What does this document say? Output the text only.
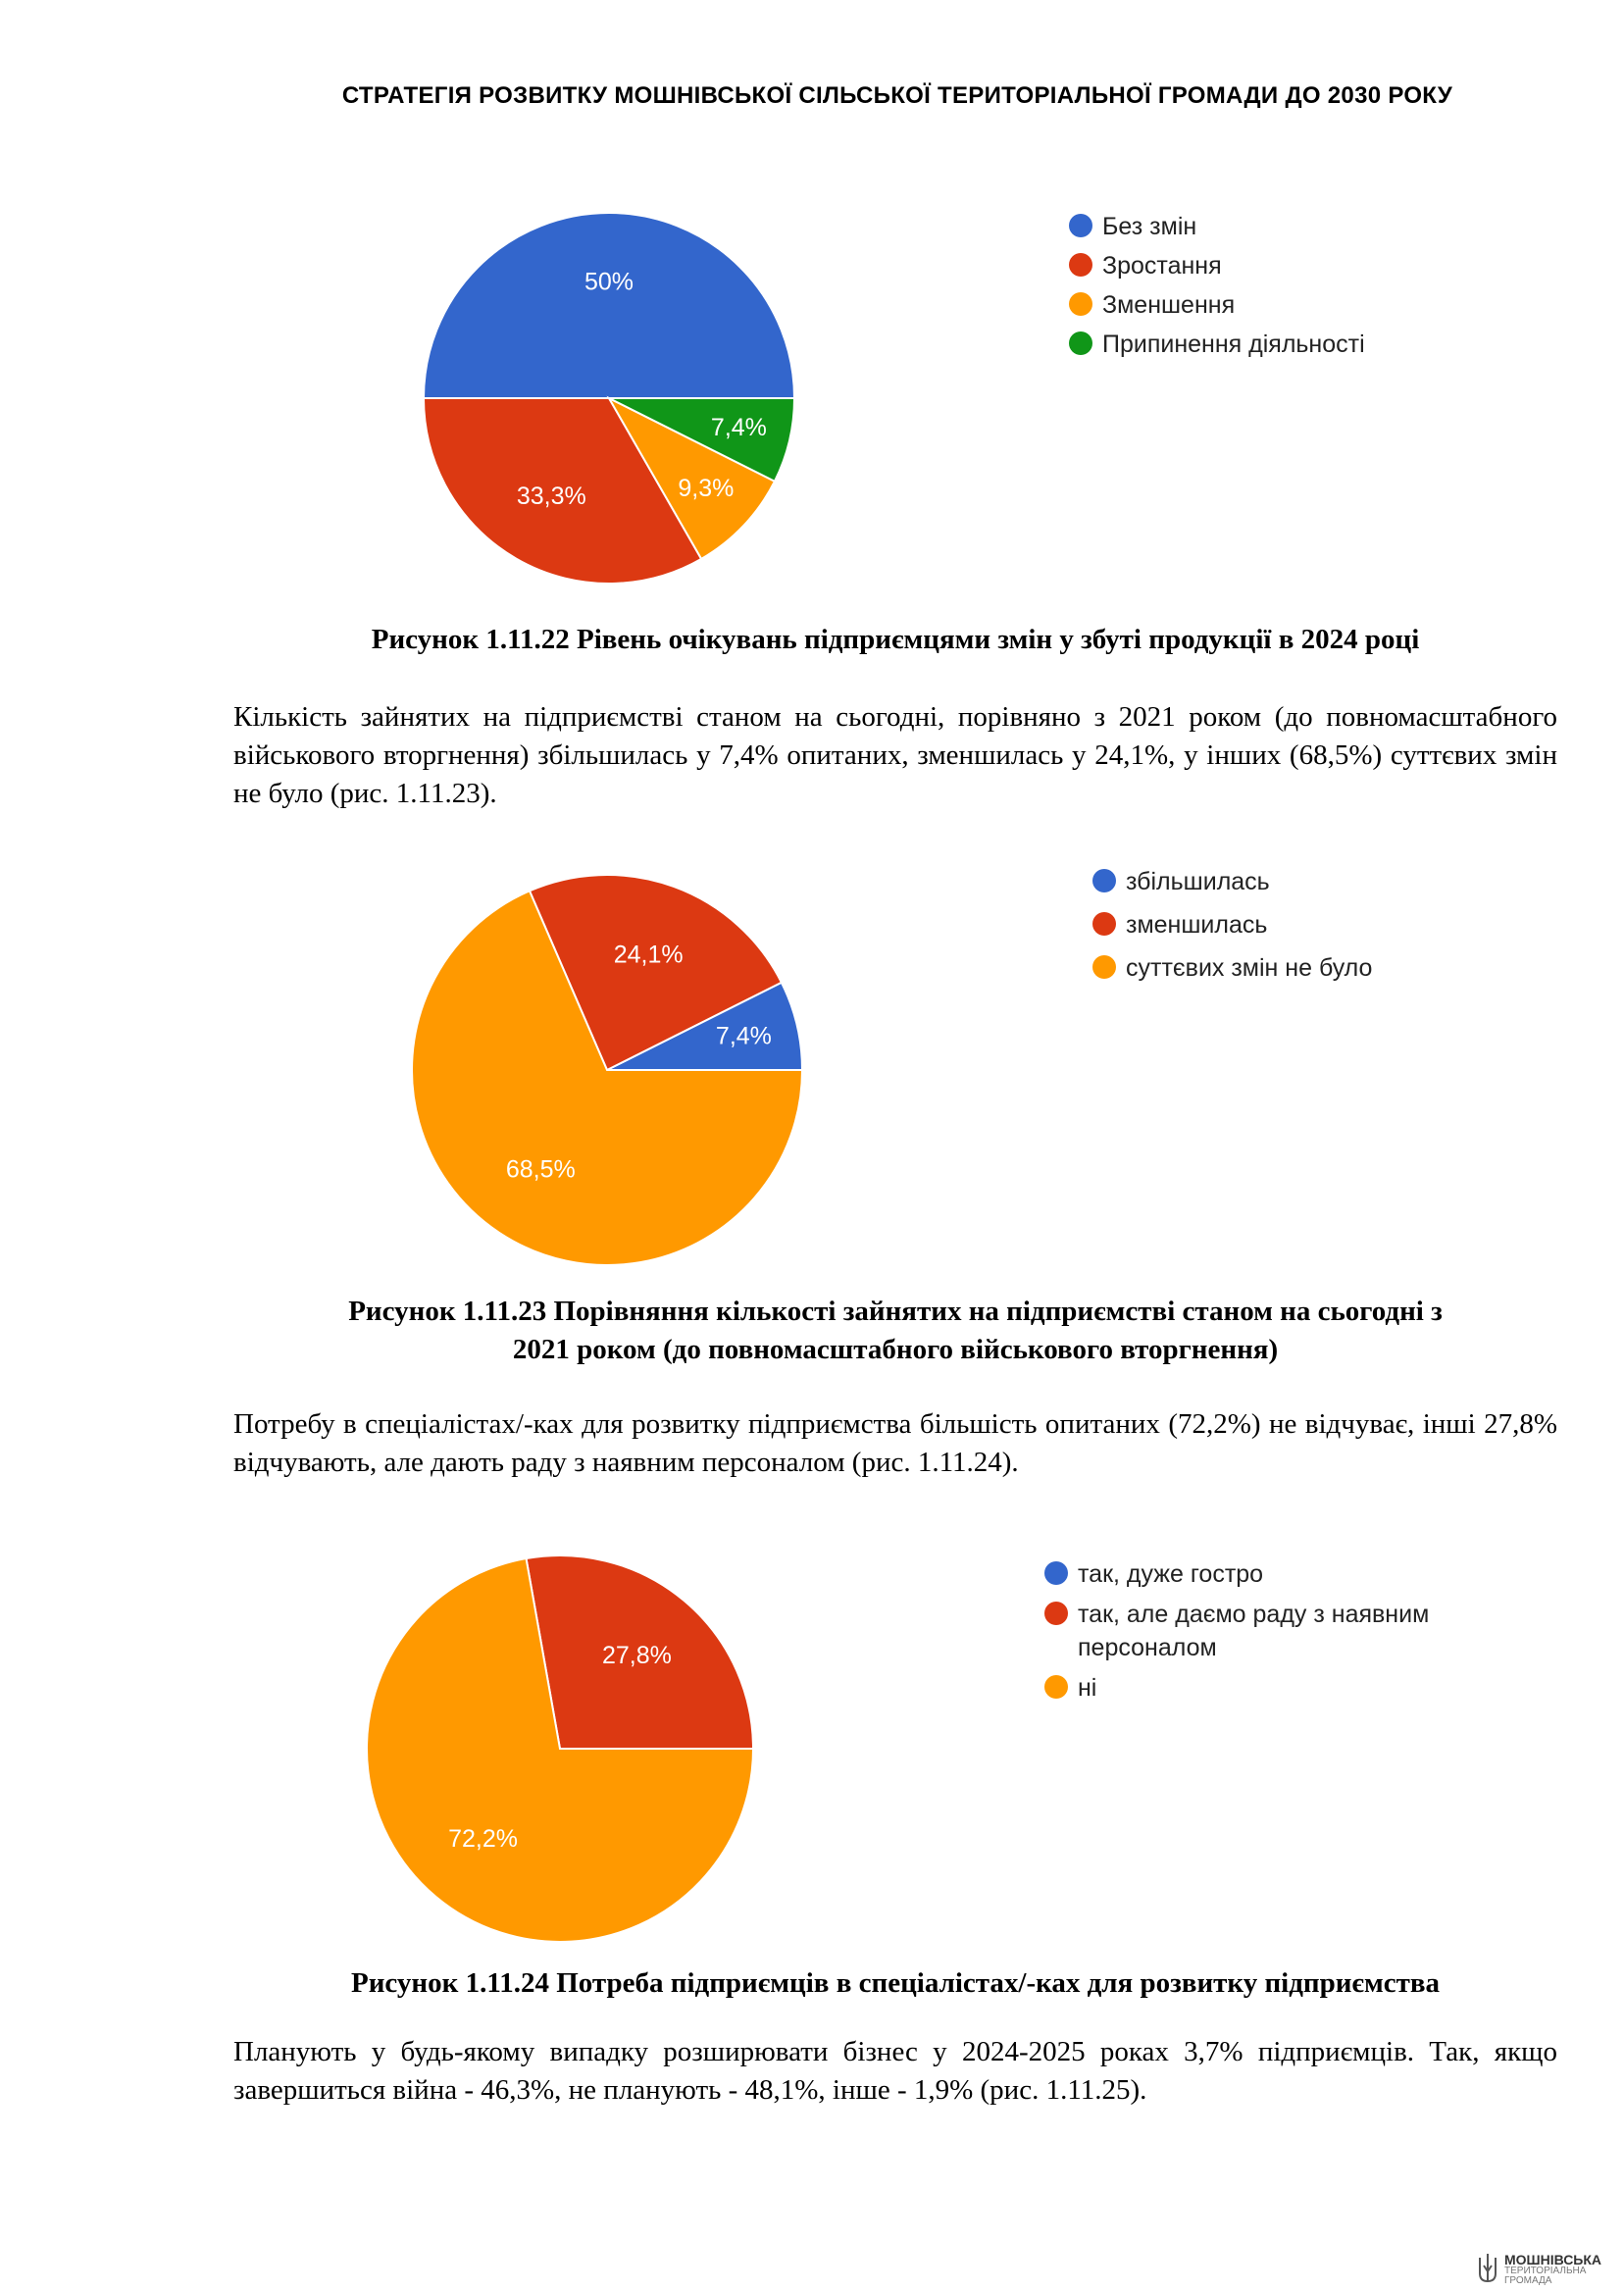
СТРАТЕГІЯ РОЗВИТКУ МОШНІВСЬКОЇ СІЛЬСЬКОЇ ТЕРИТОРІАЛЬНОЇ ГРОМАДИ ДО 2030 РОКУ
50%
33,3%	9,3%
7,4%
Без змін
Зростання
Зменшення
Припинення діяльності
7,4%
24,1%
68,5%
збільшилась
зменшилась
суттєвих змін не було
27,8%
72,2%
так, дуже гостро
так, але даємо раду з наявним персоналом
ні
Рисунок 1.11.22 Рівень очікувань підприємцями змін у збуті продукції в 2024 році
Кількість зайнятих на підприємстві станом на сьогодні, порівняно з 2021 роком (до повномасштабного військового вторгнення) збільшилась у 7,4% опитаних, зменшилась у 24,1%, у інших (68,5%) суттєвих змін не було (рис. 1.11.23).
Рисунок 1.11.23 Порівняння кількості зайнятих на підприємстві станом на сьогодні з
2021 роком (до повномасштабного військового вторгнення)
Потребу в спеціалістах/-ках для розвитку підприємства більшість опитаних (72,2%) не відчуває, інші 27,8% відчувають, але дають раду з наявним персоналом (рис. 1.11.24).
Рисунок 1.11.24 Потреба підприємців в спеціалістах/-ках для розвитку підприємства
Планують у будь-якому випадку розширювати бізнес у 2024-2025 роках 3,7% підприємців. Так, якщо завершиться війна - 46,3%, не планують - 48,1%, інше - 1,9% (рис. 1.11.25).
МОШНІВСЬКА
ТЕРИТОРІАЛЬНА ГРОМАДА
